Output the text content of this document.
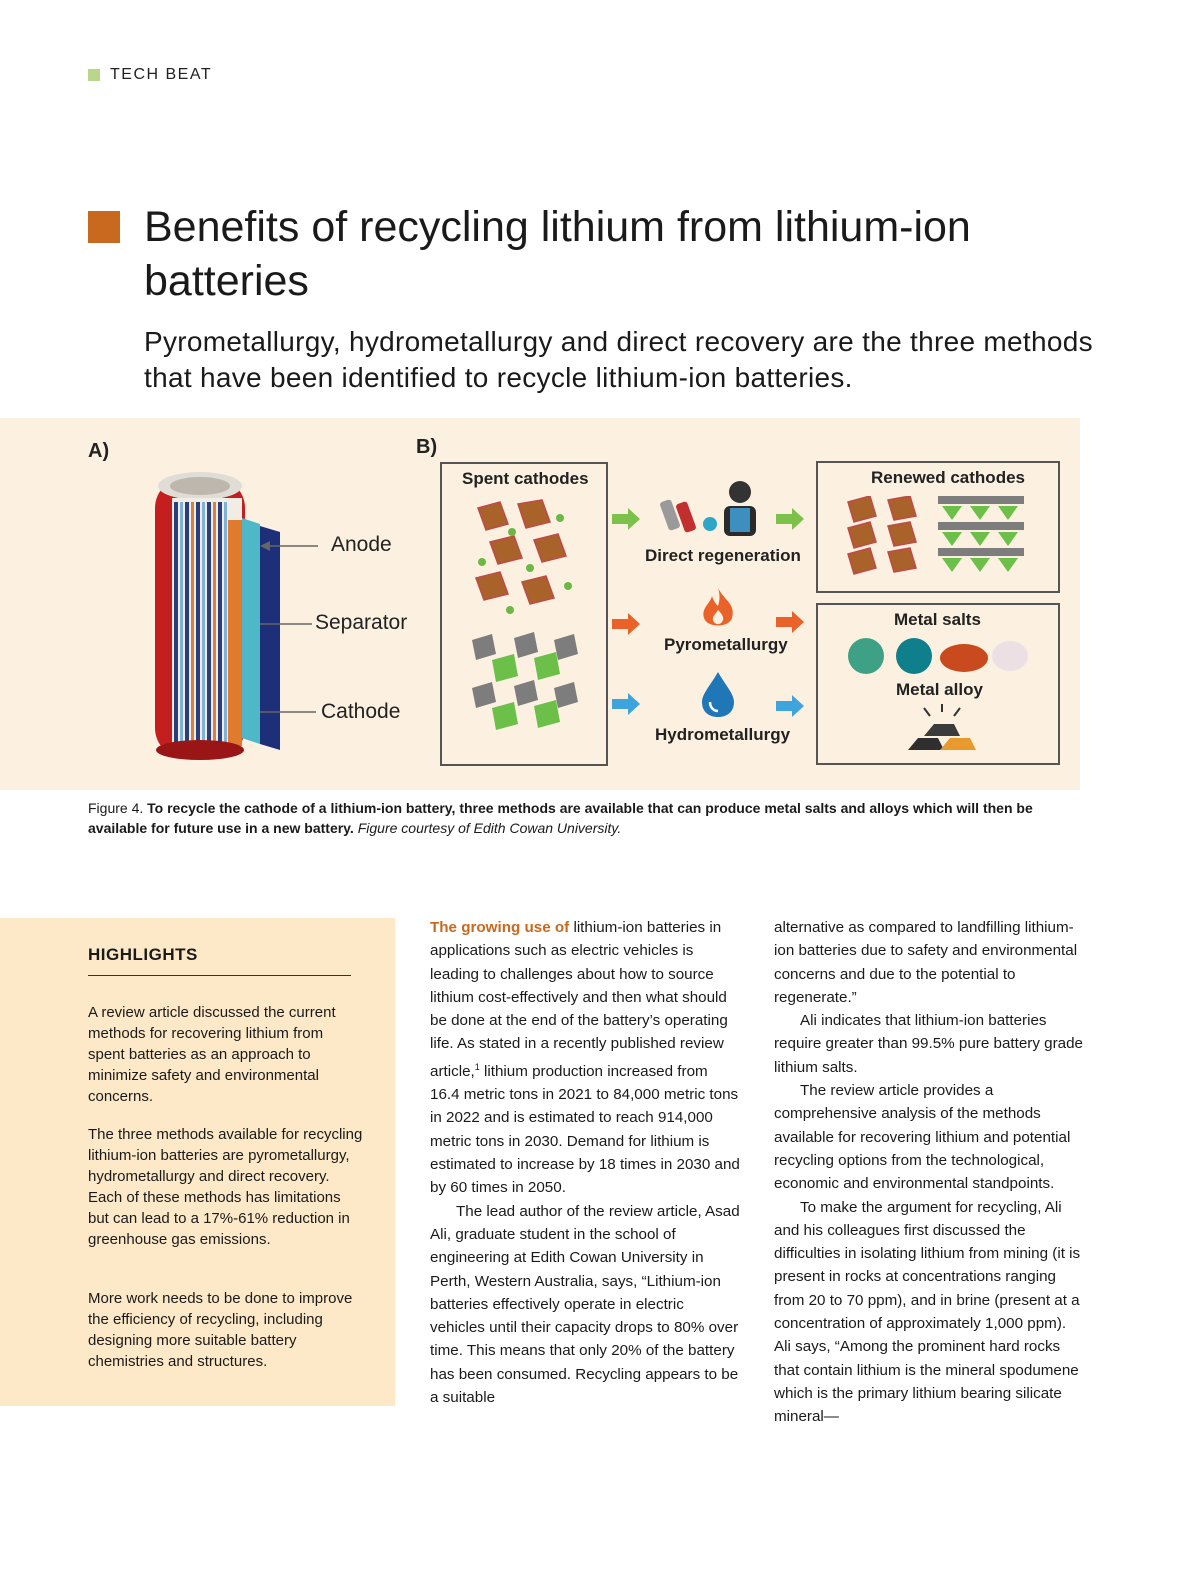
TECH BEAT
Benefits of recycling lithium from lithium-ion batteries

Pyrometallurgy, hydrometallurgy and direct recovery are the three methods that have been identified to recycle lithium-ion batteries.

A)	B)
Anode
Separator
Cathode
Spent cathodes
Direct regeneration
Pyrometallurgy
Hydrometallurgy
Renewed cathodes
Metal salts
Metal alloy

Figure 4. To recycle the cathode of a lithium-ion battery, three methods are available that can produce metal salts and alloys which will then be available for future use in a new battery. Figure courtesy of Edith Cowan University.

HIGHLIGHTS

A review article discussed the current methods for recovering lithium from spent batteries as an approach to minimize safety and environmental concerns.

The three methods available for recycling lithium-ion batteries are pyrometallurgy, hydrometallurgy and direct recovery. Each of these methods has limitations but can lead to a 17%-61% reduction in greenhouse gas emissions.

More work needs to be done to improve the efficiency of recycling, including designing more suitable battery chemistries and structures.

The growing use of lithium-ion batteries in applications such as electric vehicles is leading to challenges about how to source lithium cost-effectively and then what should be done at the end of the battery’s operating life. As stated in a recently published review article,$^1$ lithium production increased from 16.4 metric tons in 2021 to 84,000 metric tons in 2022 and is estimated to reach 914,000 metric tons in 2030. Demand for lithium is estimated to increase by 18 times in 2030 and by 60 times in 2050.

The lead author of the review article, Asad Ali, graduate student in the school of engineering at Edith Cowan University in Perth, Western Australia, says, “Lithium-ion batteries effectively operate in electric vehicles until their capacity drops to 80% over time. This means that only 20% of the battery has been consumed. Recycling appears to be a suitable

alternative as compared to landfilling lithium-ion batteries due to safety and environmental concerns and due to the potential to regenerate.”

Ali indicates that lithium-ion batteries require greater than 99.5% pure battery grade lithium salts.

The review article provides a comprehensive analysis of the methods available for recovering lithium and potential recycling options from the technological, economic and environmental standpoints.

To make the argument for recycling, Ali and his colleagues first discussed the difficulties in isolating lithium from mining (it is present in rocks at concentrations ranging from 20 to 70 ppm), and in brine (present at a concentration of approximately 1,000 ppm). Ali says, “Among the prominent hard rocks that contain lithium is the mineral spodumene which is the primary lithium bearing silicate mineral—
